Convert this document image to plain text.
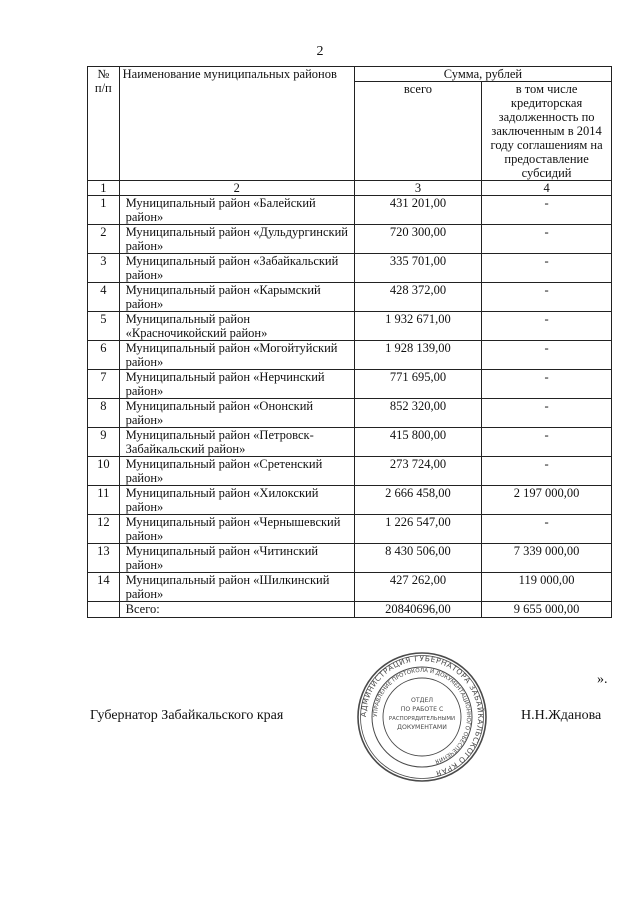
2
№ п/п	Наименование муниципальных районов	Сумма, рублей	
		всего	в том числе кредиторская задолженность по заключенным в 2014 году соглашениям на предоставление субсидий
1	2	3	4
1	Муниципальный район «Балейский район»	431 201,00	-
2	Муниципальный район «Дульдургинский район»	720 300,00	-
3	Муниципальный район «Забайкальский район»	335 701,00	-
4	Муниципальный район «Карымский район»	428 372,00	-
5	Муниципальный район «Красночикойский район»	1 932 671,00	-
6	Муниципальный район «Могойтуйский район»	1 928 139,00	-
7	Муниципальный район «Нерчинский район»	771 695,00	-
8	Муниципальный район «Ононский район»	852 320,00	-
9	Муниципальный район «Петровск-Забайкальский район»	415 800,00	-
10	Муниципальный район «Сретенский район»	273 724,00	-
11	Муниципальный район «Хилокский район»	2 666 458,00	2 197 000,00
12	Муниципальный район «Чернышевский район»	1 226 547,00	-
13	Муниципальный район «Читинский район»	8 430 506,00	7 339 000,00
14	Муниципальный район «Шилкинский район»	427 262,00	119 000,00
	Всего:	20840696,00	9 655 000,00
».
Губернатор Забайкальского края	Н.Н.Жданова
АДМИНИСТРАЦИЯ ГУБЕРНАТОРА ЗАБАЙКАЛЬСКОГО КРАЯ
УПРАВЛЕНИЕ ПРОТОКОЛА И ДОКУМЕНТАЦИОННОГО ОБЕСПЕЧЕНИЯ
ОТДЕЛ
ПО РАБОТЕ С
РАСПОРЯДИТЕЛЬНЫМИ
ДОКУМЕНТАМИ
